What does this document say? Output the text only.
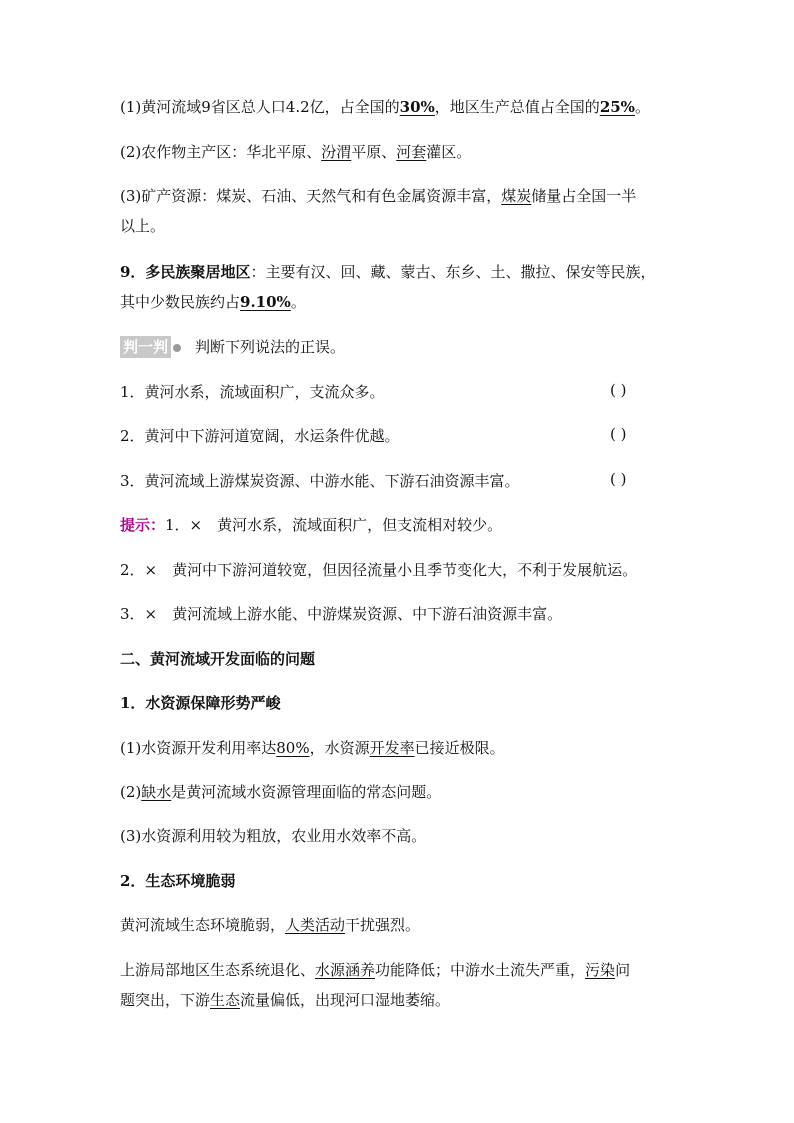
(1)黄河流域9省区总人口4.2亿，占全国的30%，地区生产总值占全国的25%。
(2)农作物主产区：华北平原、汾渭平原、河套灌区。
(3)矿产资源：煤炭、石油、天然气和有色金属资源丰富，煤炭储量占全国一半
以上。
9．多民族聚居地区：主要有汉、回、藏、蒙古、东乡、土、撒拉、保安等民族，
其中少数民族约占9.10%。
判一判 判断下列说法的正误。
1．黄河水系，流域面积广，支流众多。	( )
2．黄河中下游河道宽阔，水运条件优越。	( )
3．黄河流域上游煤炭资源、中游水能、下游石油资源丰富。	( )
提示：1．×　黄河水系，流域面积广，但支流相对较少。
2．×　黄河中下游河道较宽，但因径流量小且季节变化大，不利于发展航运。
3．×　黄河流域上游水能、中游煤炭资源、中下游石油资源丰富。
二、黄河流域开发面临的问题
1．水资源保障形势严峻
(1)水资源开发利用率达80%，水资源开发率已接近极限。
(2)缺水是黄河流域水资源管理面临的常态问题。
(3)水资源利用较为粗放，农业用水效率不高。
2．生态环境脆弱
黄河流域生态环境脆弱，人类活动干扰强烈。
上游局部地区生态系统退化、水源涵养功能降低；中游水土流失严重，污染问
题突出，下游生态流量偏低，出现河口湿地萎缩。
